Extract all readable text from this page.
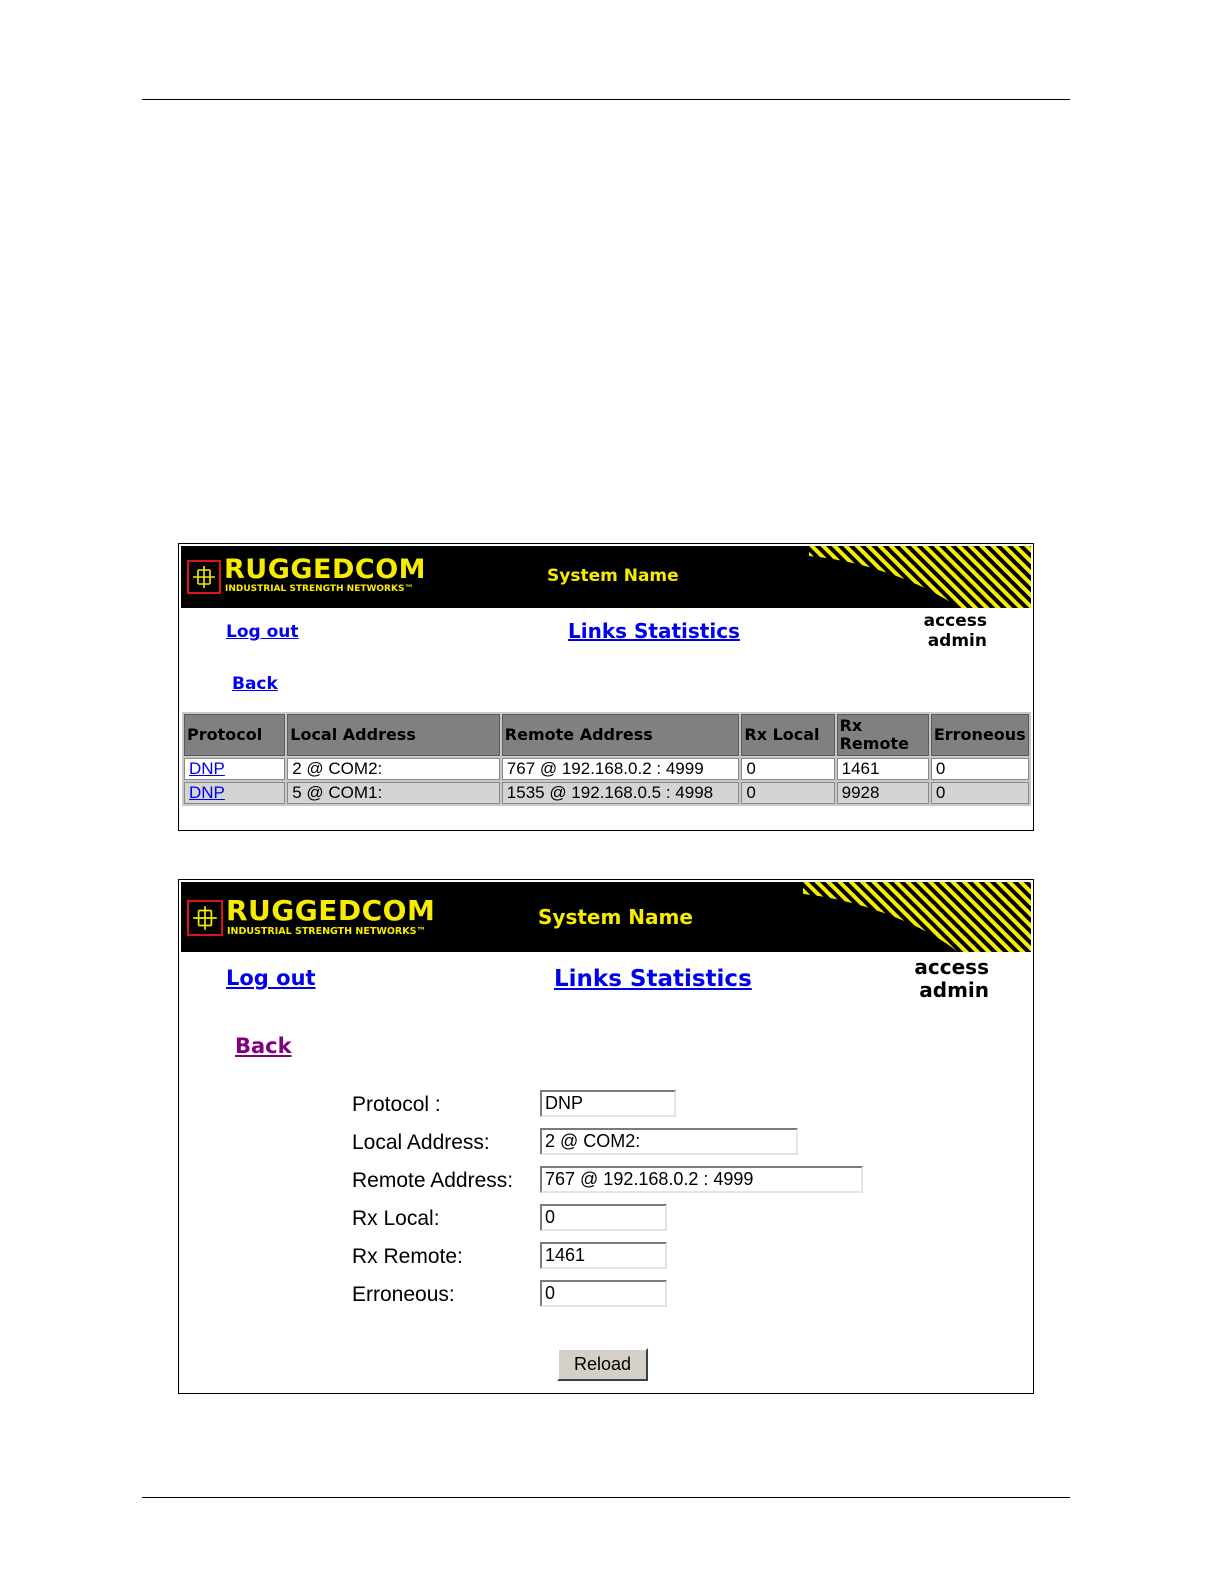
RUGGEDCOM
INDUSTRIAL STRENGTH NETWORKS™
System Name
Log out	Links Statistics	access
admin
Back
Protocol	Local Address	Remote Address	Rx Local	Rx Remote	Erroneous
DNP	2 @ COM2:	767 @ 192.168.0.2 : 4999	0	1461	0
DNP	5 @ COM1:	1535 @ 192.168.0.5 : 4998	0	9928	0
RUGGEDCOM
INDUSTRIAL STRENGTH NETWORKS™
System Name
Log out	Links Statistics	access
admin
Back
Protocol :
DNP
Local Address:
2 @ COM2:
Remote Address:
767 @ 192.168.0.2 : 4999
Rx Local:
0
Rx Remote:
1461
Erroneous:
0
Reload
